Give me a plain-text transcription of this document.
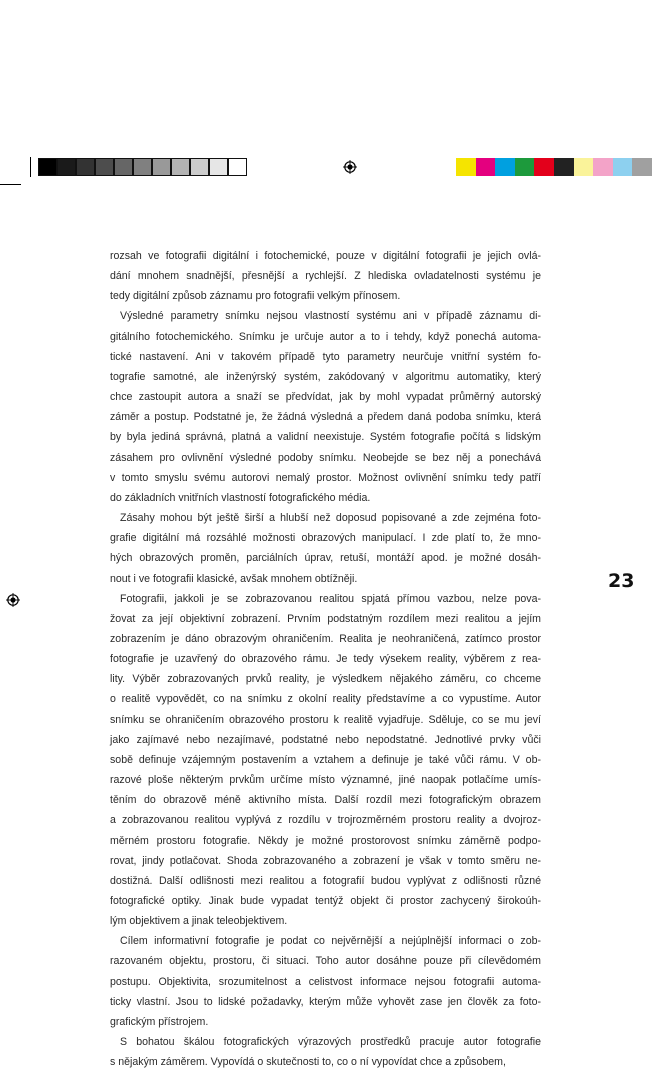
23
rozsah ve fotografii digitální i fotochemické, pouze v digitální fotografii je jejich ovlá-
dání mnohem snadnější, přesnější a rychlejší. Z hlediska ovladatelnosti systému je
tedy digitální způsob záznamu pro fotografii velkým přínosem.
Výsledné parametry snímku nejsou vlastností systému ani v případě záznamu di-
gitálního fotochemického. Snímku je určuje autor a to i tehdy, když ponechá automa-
tické nastavení. Ani v takovém případě tyto parametry neurčuje vnitřní systém fo-
tografie samotné, ale inženýrský systém, zakódovaný v algoritmu automatiky, který
chce zastoupit autora a snaží se předvídat, jak by mohl vypadat průměrný autorský
záměr a postup. Podstatné je, že žádná výsledná a předem daná podoba snímku, která
by byla jediná správná, platná a validní neexistuje. Systém fotografie počítá s lidským
zásahem pro ovlivnění výsledné podoby snímku. Neobejde se bez něj a ponechává
v tomto smyslu svému autorovi nemalý prostor. Možnost ovlivnění snímku tedy patří
do základních vnitřních vlastností fotografického média.
Zásahy mohou být ještě širší a hlubší než doposud popisované a zde zejména foto-
grafie digitální má rozsáhlé možnosti obrazových manipulací. I zde platí to, že mno-
hých obrazových proměn, parciálních úprav, retuší, montáží apod. je možné dosáh-
nout i ve fotografii klasické, avšak mnohem obtížněji.
Fotografii, jakkoli je se zobrazovanou realitou spjatá přímou vazbou, nelze pova-
žovat za její objektivní zobrazení. Prvním podstatným rozdílem mezi realitou a jejím
zobrazením je dáno obrazovým ohraničením. Realita je neohraničená, zatímco prostor
fotografie je uzavřený do obrazového rámu. Je tedy výsekem reality, výběrem z rea-
lity. Výběr zobrazovaných prvků reality, je výsledkem nějakého záměru, co chceme
o realitě vypovědět, co na snímku z okolní reality představíme a co vypustíme. Autor
snímku se ohraničením obrazového prostoru k realitě vyjadřuje. Sděluje, co se mu jeví
jako zajímavé nebo nezajímavé, podstatné nebo nepodstatné. Jednotlivé prvky vůči
sobě definuje vzájemným postavením a vztahem a definuje je také vůči rámu. V ob-
razové ploše některým prvkům určíme místo významné, jiné naopak potlačíme umís-
těním do obrazově méně aktivního místa. Další rozdíl mezi fotografickým obrazem
a zobrazovanou realitou vyplývá z rozdílu v trojrozměrném prostoru reality a dvojroz-
měrném prostoru fotografie. Někdy je možné prostorovost snímku záměrně podpo-
rovat, jindy potlačovat. Shoda zobrazovaného a zobrazení je však v tomto směru ne-
dostižná. Další odlišnosti mezi realitou a fotografií budou vyplývat z odlišnosti různé
fotografické optiky. Jinak bude vypadat tentýž objekt či prostor zachycený širokoúh-
lým objektivem a jinak teleobjektivem.
Cílem informativní fotografie je podat co nejvěrnější a nejúplnější informaci o zob-
razovaném objektu, prostoru, či situaci. Toho autor dosáhne pouze při cílevědomém
postupu. Objektivita, srozumitelnost a celistvost informace nejsou fotografii automa-
ticky vlastní. Jsou to lidské požadavky, kterým může vyhovět zase jen člověk za foto-
grafickým přístrojem.
S bohatou škálou fotografických výrazových prostředků pracuje autor fotografie
s nějakým záměrem. Vypovídá o skutečnosti to, co o ní vypovídat chce a způsobem,
